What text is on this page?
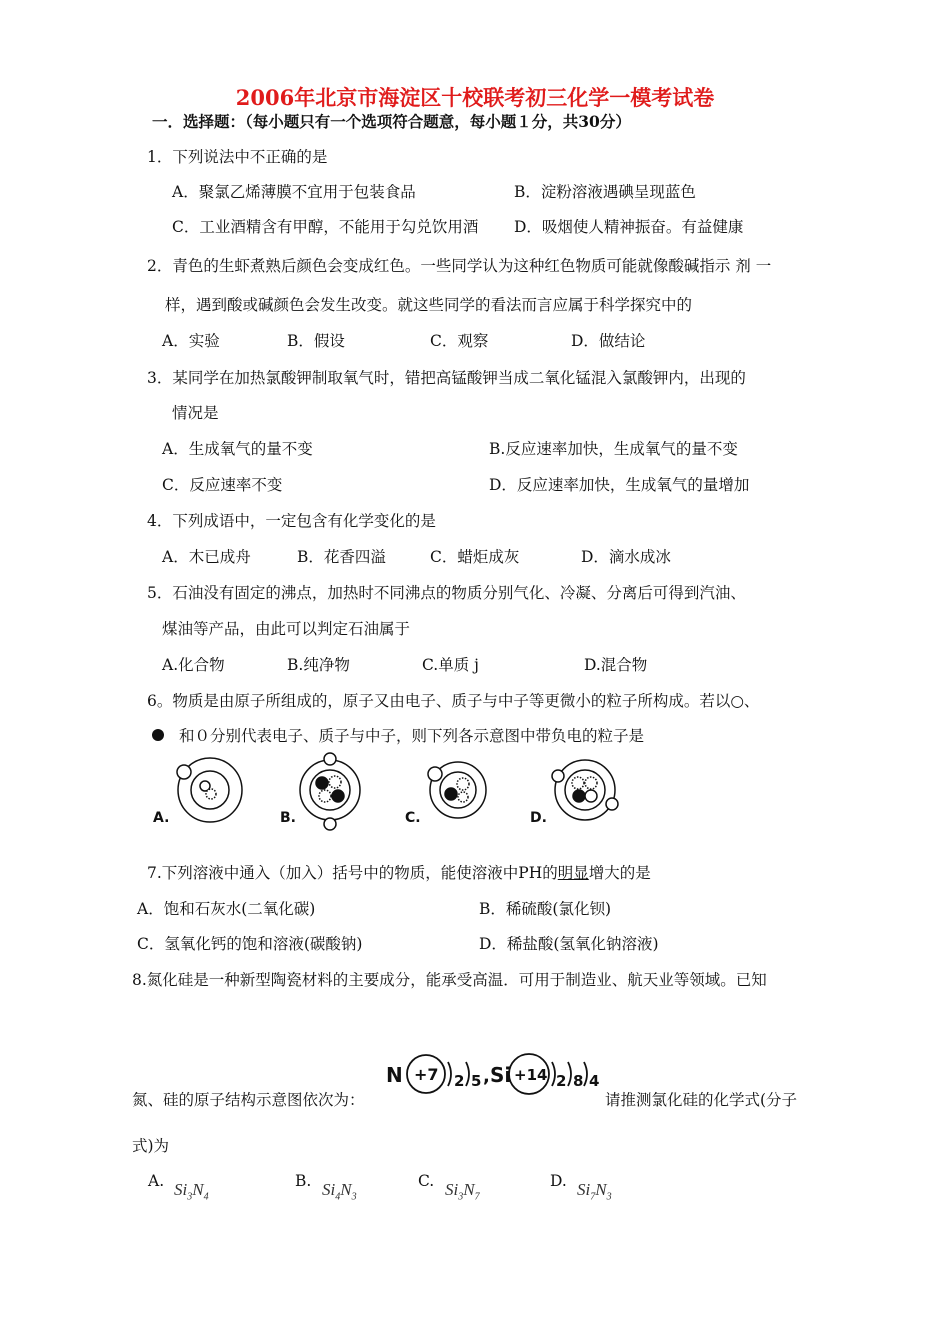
2006年北京市海淀区十校联考初三化学一模考试卷
一．选择题：（每小题只有一个选项符合题意，每小题１分，共30分）
1．下列说法中不正确的是
A．聚氯乙烯薄膜不宜用于包装食品	B．淀粉溶液遇碘呈现蓝色
C．工业酒精含有甲醇，不能用于勾兑饮用酒 D．吸烟使人精神振奋。有益健康
2．青色的生虾煮熟后颜色会变成红色。一些同学认为这种红色物质可能就像酸碱指示 剂 一
样，遇到酸或碱颜色会发生改变。就这些同学的看法而言应属于科学探究中的
A．实验	B．假设	C．观察	D．做结论
3．某同学在加热氯酸钾制取氧气时，错把高锰酸钾当成二氧化锰混入氯酸钾内，出现的
情况是
A．生成氧气的量不变	B.反应速率加快，生成氧气的量不变
C．反应速率不变	D．反应速率加快，生成氧气的量增加
4．下列成语中，一定包含有化学变化的是
A．木已成舟	B．花香四溢	C．蜡炬成灰	D．滴水成冰
5．石油没有固定的沸点，加热时不同沸点的物质分别气化、冷凝、分离后可得到汽油、
煤油等产品，由此可以判定石油属于
A.化合物	B.纯净物	C.单质 j	D.混合物
6。物质是由原子所组成的，原子又由电子、质子与中子等更微小的粒子所构成。若以○、
和０分别代表电子、质子与中子，则下列各示意图中带负电的粒子是
A.	B.	C.	D.
7.下列溶液中通入（加入）括号中的物质，能使溶液中PH的明显增大的是
A．饱和石灰水(二氧化碳)	B．稀硫酸(氯化钡)
C．氢氧化钙的饱和溶液(碳酸钠)	D．稀盐酸(氢氧化钠溶液)
8.氮化硅是一种新型陶瓷材料的主要成分，能承受高温．可用于制造业、航天业等领域。已知
氮、硅的原子结构示意图依次为：
N +7 2 5 , Si +14 2 8 4
请推测氯化硅的化学式(分子
式)为
A. $Si_3N_4$
B. $Si_4N_3$
C. $Si_3N_7$
D. $Si_7N_3$
